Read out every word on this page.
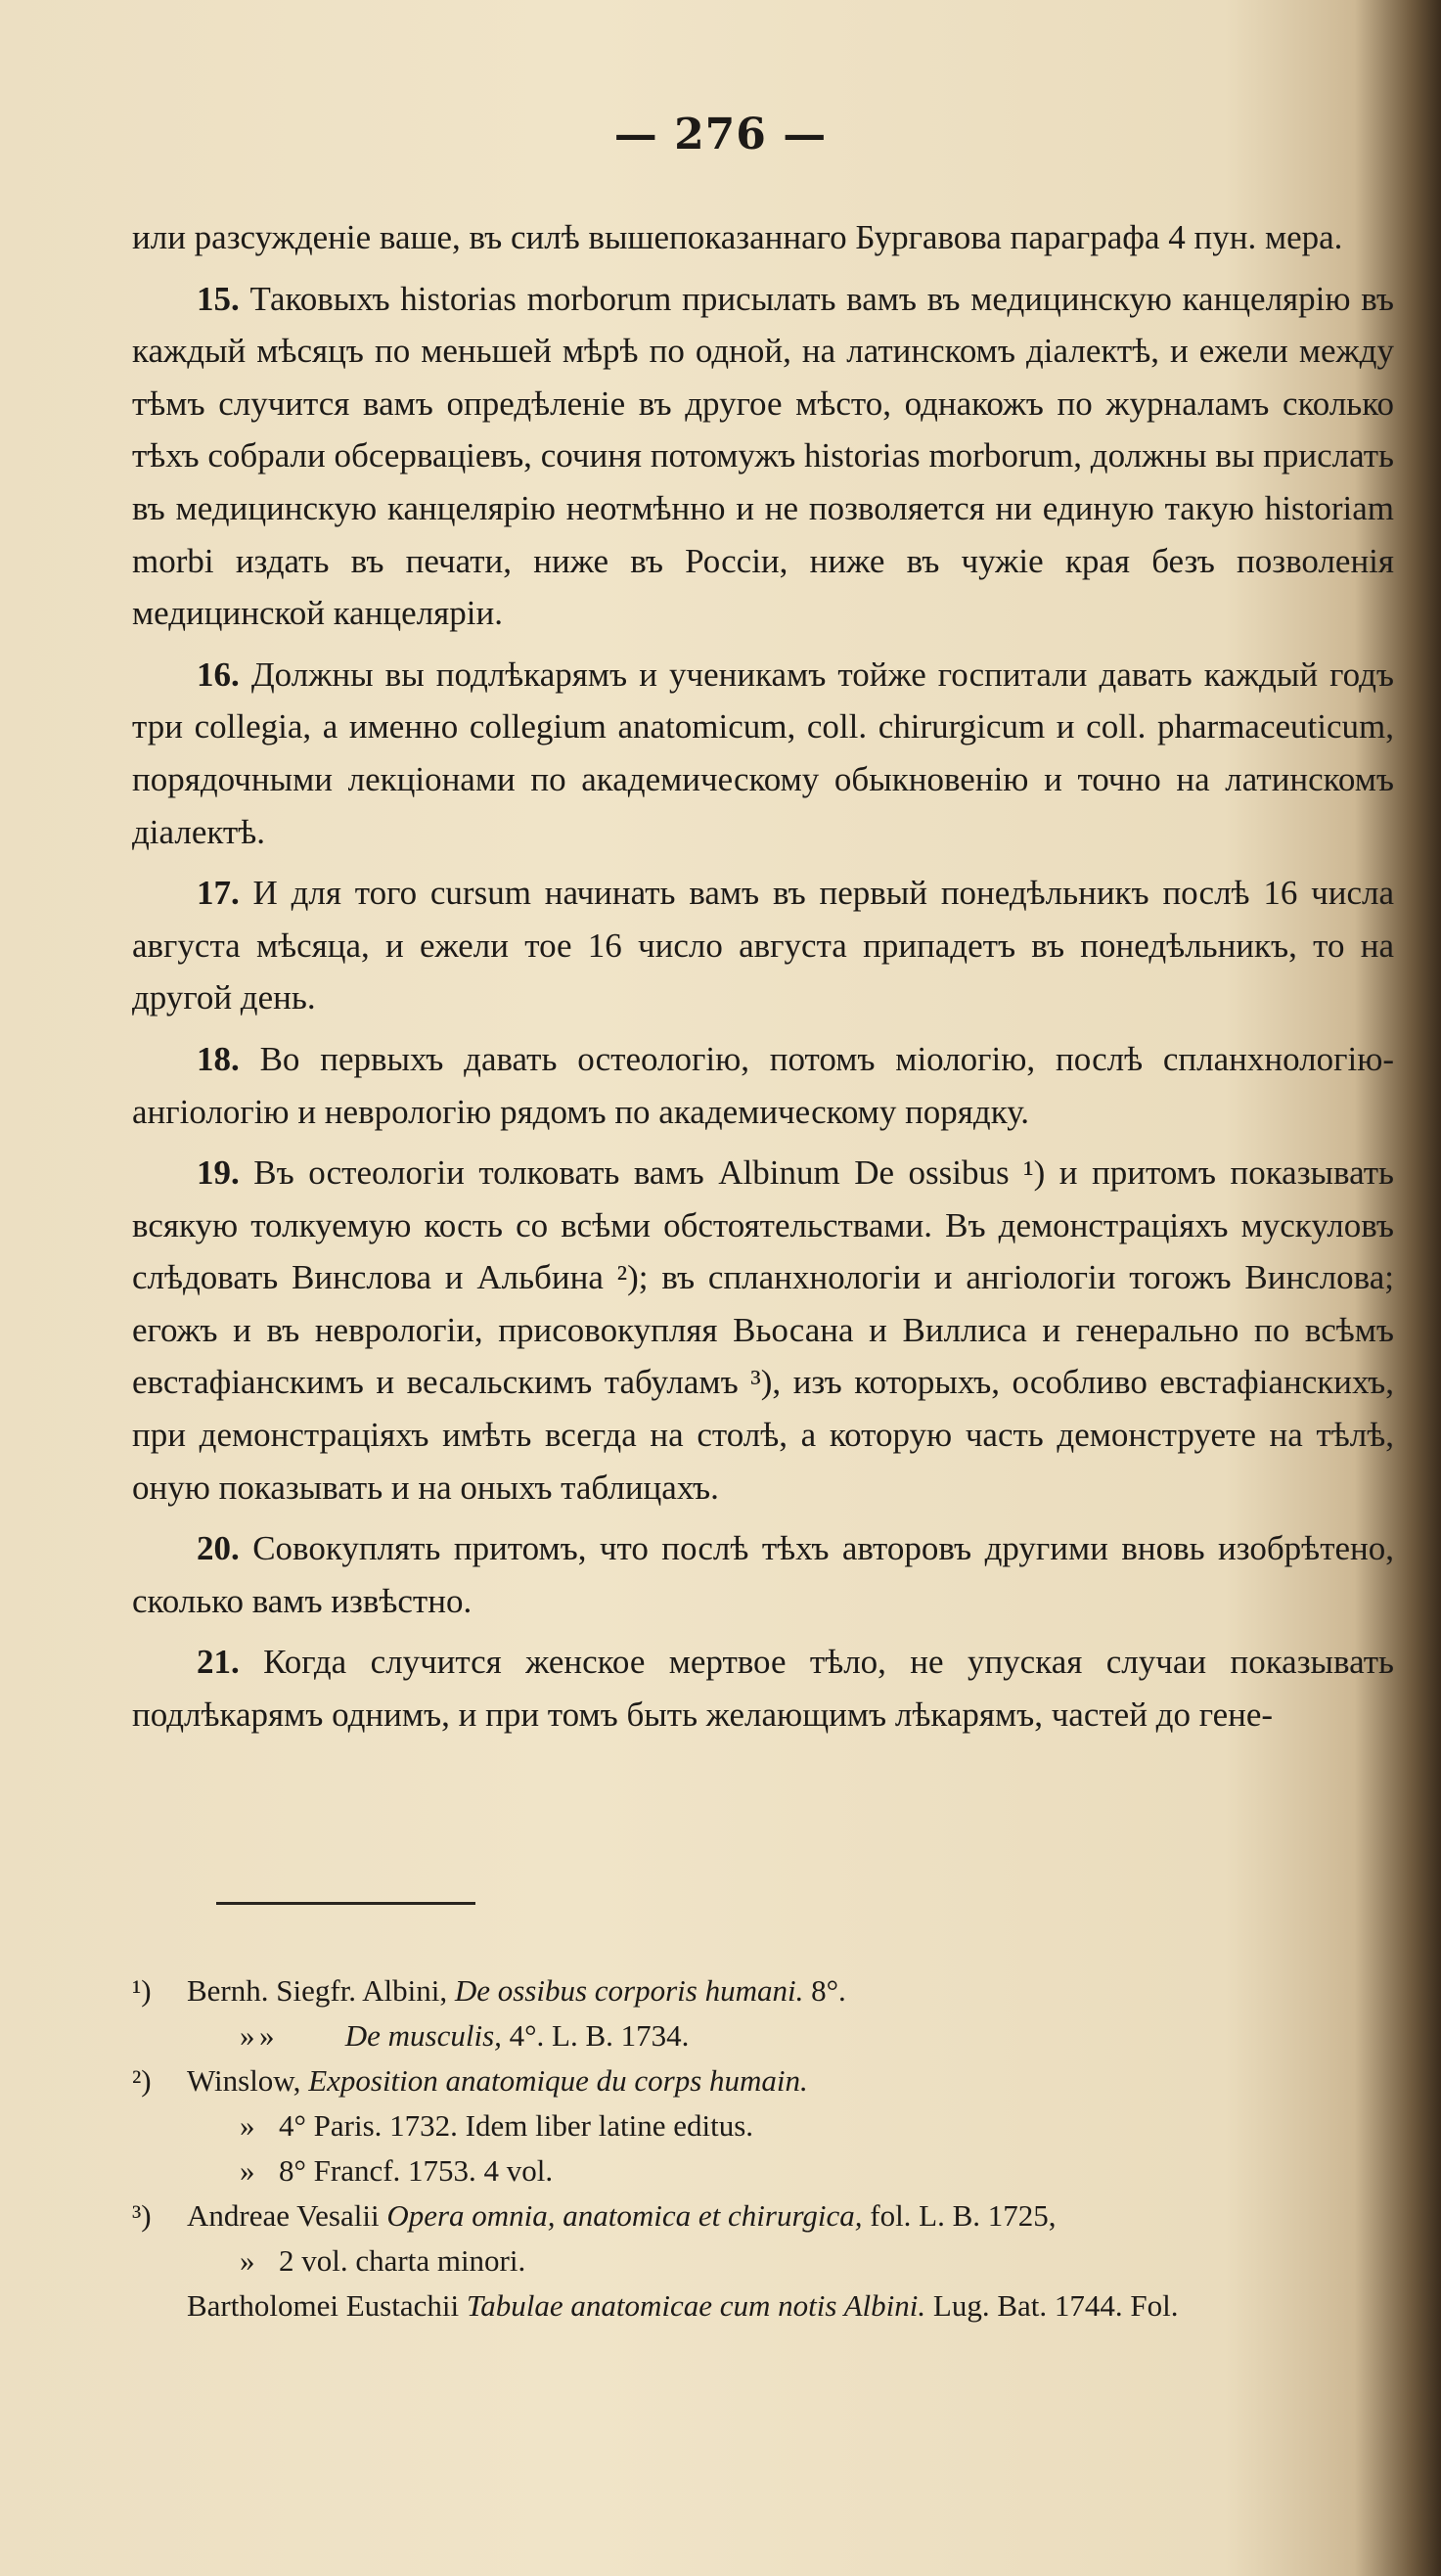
— 276 —

или разсужденіе ваше, въ силѣ вышепоказаннаго Бургавова параграфа 4 пун. мера.

15. Таковыхъ historias morborum присылать вамъ въ медицинскую канцелярію въ каждый мѣсяцъ по меньшей мѣрѣ по одной, на латинскомъ діалектѣ, и ежели между тѣмъ случится вамъ опредѣленіе въ другое мѣсто, однакожъ по журналамъ сколько тѣхъ собрали обсерваціевъ, сочиня потомужъ historias morborum, должны вы прислать въ медицинскую канцелярію неотмѣнно и не позволяется ни единую такую historiam morbi издать въ печати, ниже въ Россіи, ниже въ чужіе края безъ позволенія медицинской канцеляріи.

16. Должны вы подлѣкарямъ и ученикамъ тойже госпитали давать каждый годъ три collegia, а именно collegium anatomicum, coll. chirurgicum и coll. pharmaceuticum, порядочными лекціонами по академическому обыкновенію и точно на латинскомъ діалектѣ.

17. И для того cursum начинать вамъ въ первый понедѣльникъ послѣ 16 числа августа мѣсяца, и ежели тое 16 число августа припадетъ въ понедѣльникъ, то на другой день.

18. Во первыхъ давать остеологію, потомъ міологію, послѣ спланхнологію-ангіологію и неврологію рядомъ по академическому порядку.

19. Въ остеологіи толковать вамъ Albinum De ossibus ¹) и притомъ показывать всякую толкуемую кость со всѣми обстоятельствами. Въ демонстраціяхъ мускуловъ слѣдовать Винслова и Альбина ²); въ спланхнологіи и ангіологіи тогожъ Винслова; егожъ и въ неврологіи, присовокупляя Вьосана и Виллиса и генерально по всѣмъ евстафіанскимъ и весальскимъ табуламъ ³), изъ которыхъ, особливо евстафіанскихъ, при демонстраціяхъ имѣть всегда на столѣ, а которую часть демонструете на тѣлѣ, оную показывать и на оныхъ таблицахъ.

20. Совокуплять притомъ, что послѣ тѣхъ авторовъ другими вновь изобрѣтено, сколько вамъ извѣстно.

21. Когда случится женское мертвое тѣло, не упуская случаи показывать подлѣкарямъ однимъ, и при томъ быть желающимъ лѣкарямъ, частей до гене-

¹) Bernh. Siegfr. Albini, De ossibus corporis humani. 8°.
» » De musculis, 4°. L. B. 1734.
²) Winslow, Exposition anatomique du corps humain.
» 4° Paris. 1732. Idem liber latine editus.
» 8° Francf. 1753. 4 vol.
³) Andreae Vesalii Opera omnia, anatomica et chirurgica, fol. L. B. 1725,
» 2 vol. charta minori.
Bartholomei Eustachii Tabulae anatomicae cum notis Albini. Lug. Bat. 1744. Fol.
